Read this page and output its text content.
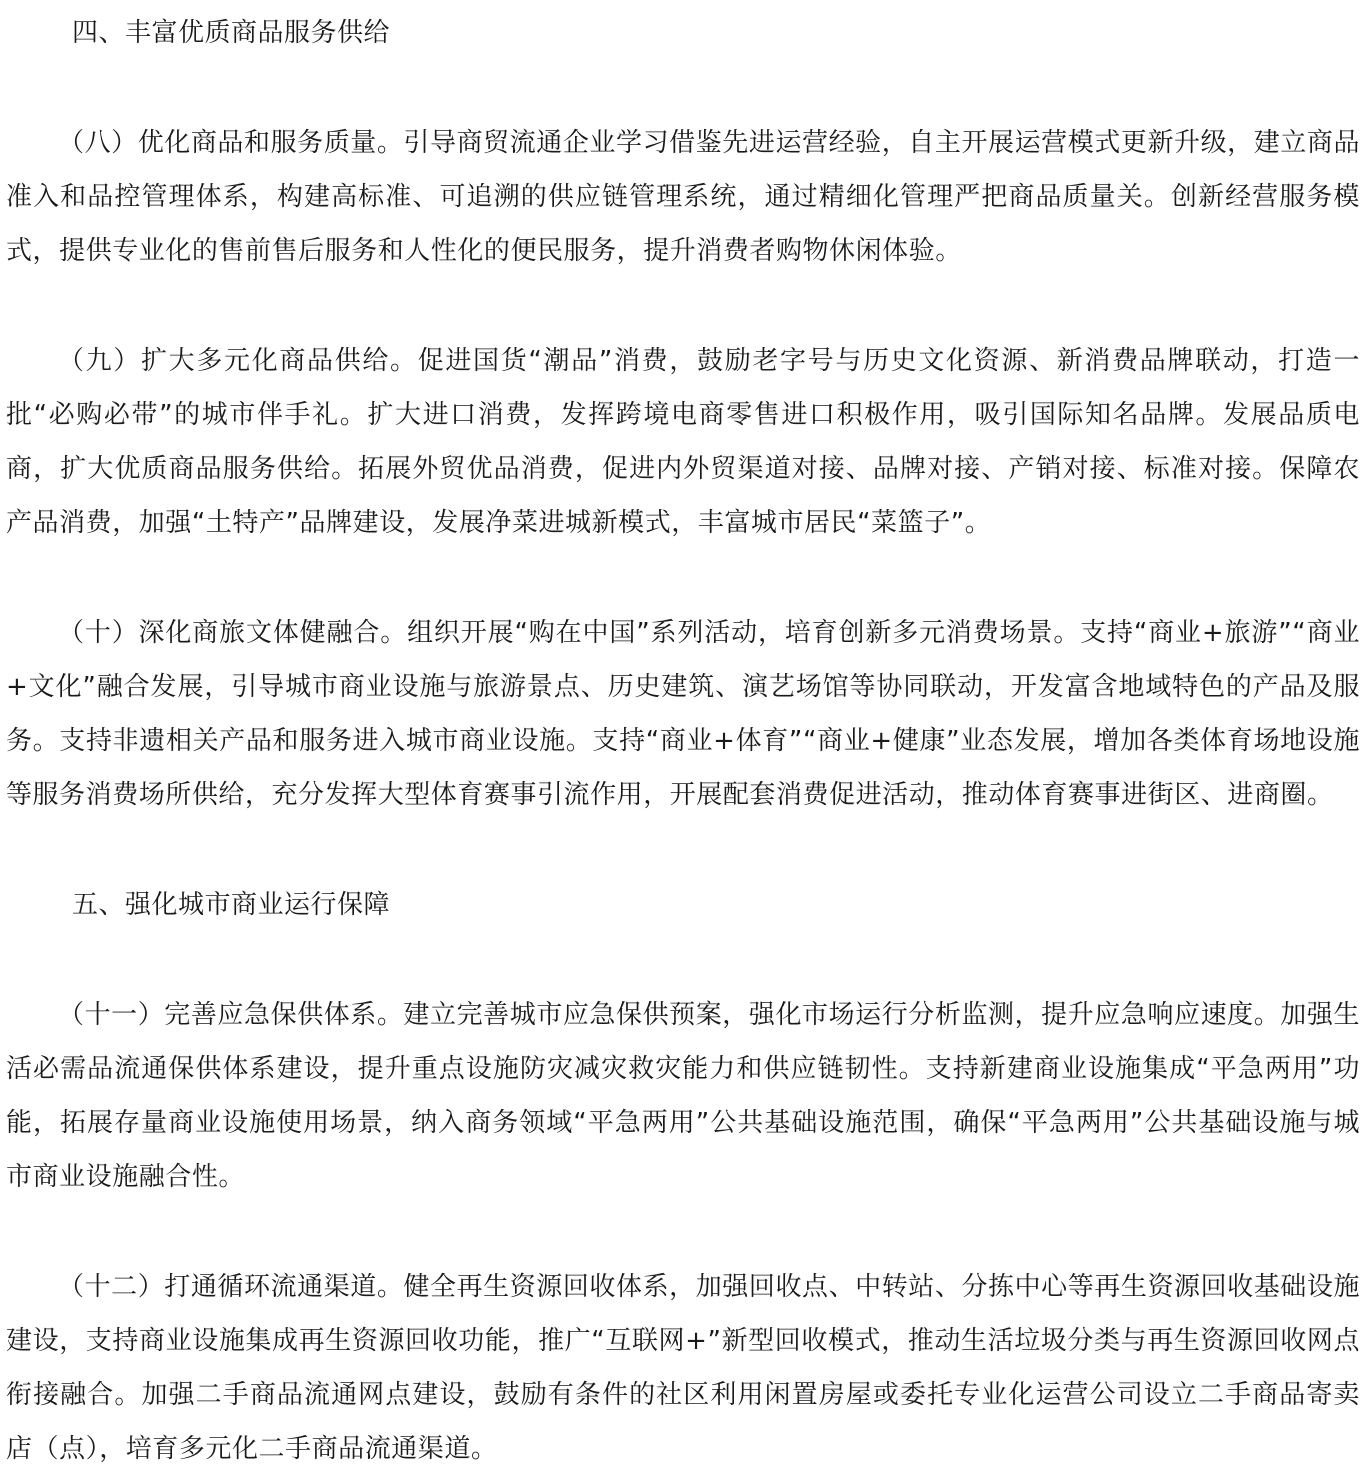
四、丰富优质商品服务供给

（八）优化商品和服务质量。引导商贸流通企业学习借鉴先进运营经验，自主开展运营模式更新升级，建立商品准入和品控管理体系，构建高标准、可追溯的供应链管理系统，通过精细化管理严把商品质量关。创新经营服务模式，提供专业化的售前售后服务和人性化的便民服务，提升消费者购物休闲体验。

（九）扩大多元化商品供给。促进国货“潮品”消费，鼓励老字号与历史文化资源、新消费品牌联动，打造一批“必购必带”的城市伴手礼。扩大进口消费，发挥跨境电商零售进口积极作用，吸引国际知名品牌。发展品质电商，扩大优质商品服务供给。拓展外贸优品消费，促进内外贸渠道对接、品牌对接、产销对接、标准对接。保障农产品消费，加强“土特产”品牌建设，发展净菜进城新模式，丰富城市居民“菜篮子”。

（十）深化商旅文体健融合。组织开展“购在中国”系列活动，培育创新多元消费场景。支持“商业+旅游”“商业+文化”融合发展，引导城市商业设施与旅游景点、历史建筑、演艺场馆等协同联动，开发富含地域特色的产品及服务。支持非遗相关产品和服务进入城市商业设施。支持“商业+体育”“商业+健康”业态发展，增加各类体育场地设施等服务消费场所供给，充分发挥大型体育赛事引流作用，开展配套消费促进活动，推动体育赛事进街区、进商圈。

五、强化城市商业运行保障

（十一）完善应急保供体系。建立完善城市应急保供预案，强化市场运行分析监测，提升应急响应速度。加强生活必需品流通保供体系建设，提升重点设施防灾减灾救灾能力和供应链韧性。支持新建商业设施集成“平急两用”功能，拓展存量商业设施使用场景，纳入商务领域“平急两用”公共基础设施范围，确保“平急两用”公共基础设施与城市商业设施融合性。

（十二）打通循环流通渠道。健全再生资源回收体系，加强回收点、中转站、分拣中心等再生资源回收基础设施建设，支持商业设施集成再生资源回收功能，推广“互联网+”新型回收模式，推动生活垃圾分类与再生资源回收网点衔接融合。加强二手商品流通网点建设，鼓励有条件的社区利用闲置房屋或委托专业化运营公司设立二手商品寄卖店（点），培育多元化二手商品流通渠道。
